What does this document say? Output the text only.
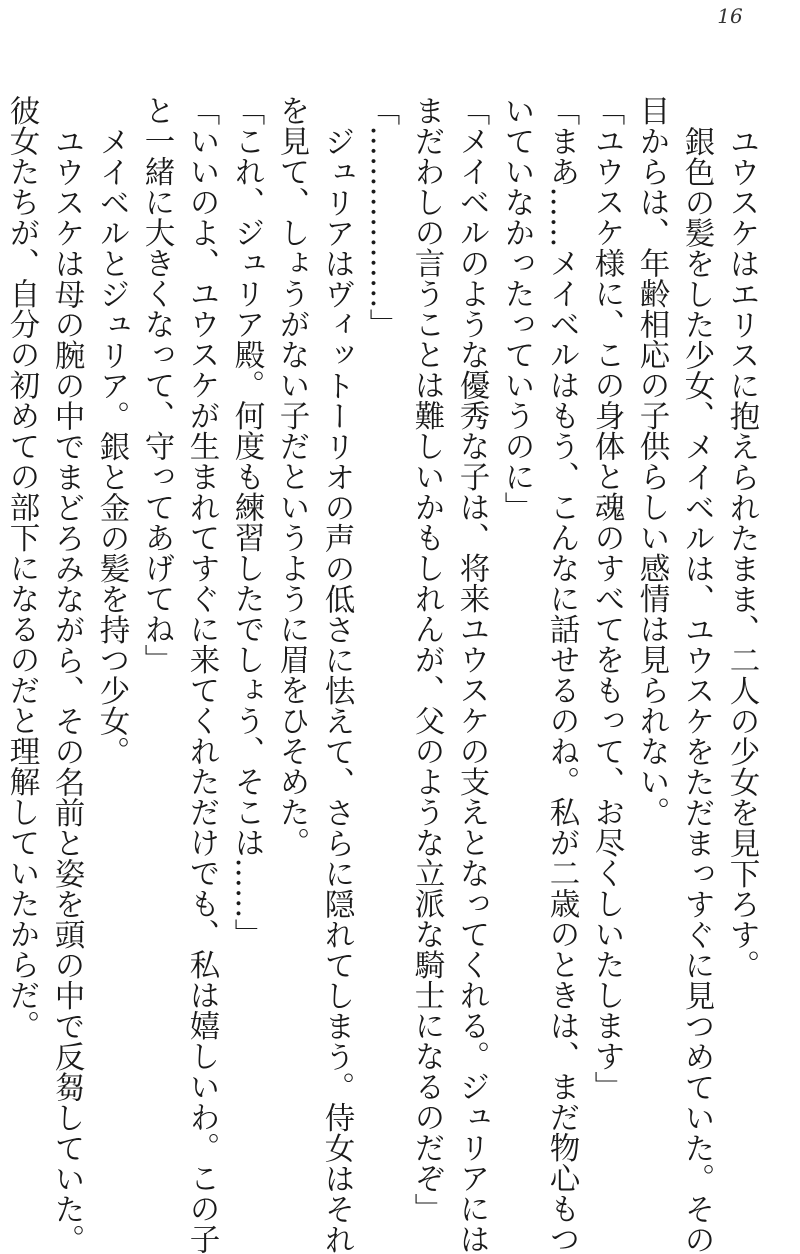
16

ユウスケはエリスに抱えられたまま、二人の少女を見下ろす。

銀色の髪をした少女、メイベルは、ユウスケをただまっすぐに見つめていた。その

目からは、年齢相応の子供らしい感情は見られない。

「ユウスケ様に、この身体と魂のすべてをもって、お尽くしいたします」

「まあ……メイベルはもう、こんなに話せるのね。私が二歳のときは、まだ物心もつ

いていなかったっていうのに」

「メイベルのような優秀な子は、将来ユウスケの支えとなってくれる。ジュリアには

まだわしの言うことは難しいかもしれんが、父のような立派な騎士になるのだぞ」

「………………」

ジュリアはヴィットーリオの声の低さに怯えて、さらに隠れてしまう。侍女はそれ

を見て、しょうがない子だというように眉をひそめた。

「これ、ジュリア殿。何度も練習したでしょう、そこは……」

「いいのよ、ユウスケが生まれてすぐに来てくれただけでも、私は嬉しいわ。この子

と一緒に大きくなって、守ってあげてね」

メイベルとジュリア。銀と金の髪を持つ少女。

ユウスケは母の腕の中でまどろみながら、その名前と姿を頭の中で反芻していた。

彼女たちが、自分の初めての部下になるのだと理解していたからだ。
